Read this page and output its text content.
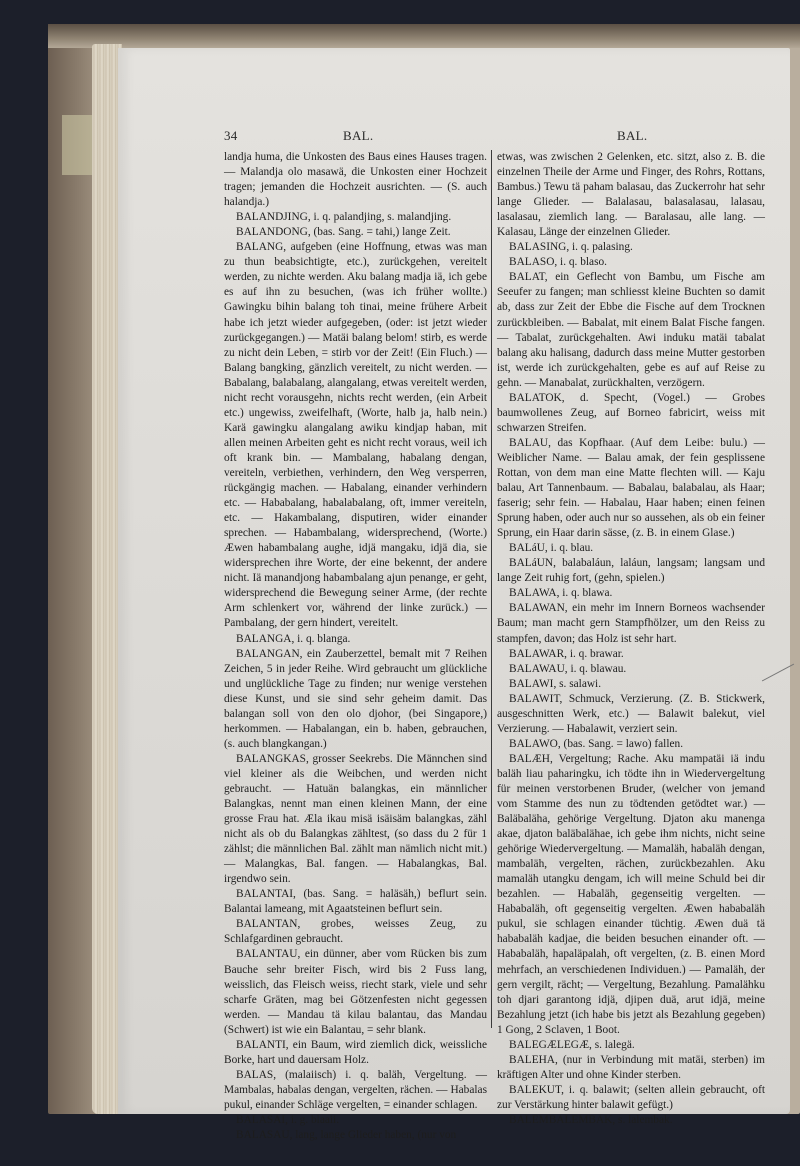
34	BAL.	BAL.

landja huma, die Unkosten des Baus eines Hauses tragen. — Malandja olo masawä, die Unkosten einer Hochzeit tragen; jemanden die Hochzeit ausrichten. — (S. auch halandja.)

BALANDJING, i. q. palandjing, s. malandjing.

BALANDONG, (bas. Sang. = tahi,) lange Zeit.

BALANG, aufgeben (eine Hoffnung, etwas was man zu thun beabsichtigte, etc.), zurückgehen, vereitelt werden, zu nichte werden. Aku balang madja iä, ich gebe es auf ihn zu besuchen, (was ich früher wollte.) Gawingku bihin balang toh tinai, meine frühere Arbeit habe ich jetzt wieder aufgegeben, (oder: ist jetzt wieder zurückgegangen.) — Matäi balang belom! stirb, es werde zu nicht dein Leben, = stirb vor der Zeit! (Ein Fluch.) — Balang bangking, gänzlich vereitelt, zu nicht werden. — Babalang, balabalang, alangalang, etwas vereitelt werden, nicht recht vorausgehn, nichts recht werden, (ein Arbeit etc.) ungewiss, zweifelhaft, (Worte, halb ja, halb nein.) Karä gawingku alangalang awiku kindjap haban, mit allen meinen Arbeiten geht es nicht recht voraus, weil ich oft krank bin. — Mambalang, habalang dengan, vereiteln, verbiethen, verhindern, den Weg versperren, rückgängig machen. — Habalang, einander verhindern etc. — Hababalang, habalabalang, oft, immer vereiteln, etc. — Hakambalang, disputiren, wider einander sprechen. — Habambalang, widersprechend, (Worte.) Æwen habambalang aughe, idjä mangaku, idjä dia, sie widersprechen ihre Worte, der eine bekennt, der andere nicht. Iä manandjong habambalang ajun penange, er geht, widersprechend die Bewegung seiner Arme, (der rechte Arm schlenkert vor, während der linke zurück.) — Pambalang, der gern hindert, vereitelt.

BALANGA, i. q. blanga.

BALANGAN, ein Zauberzettel, bemalt mit 7 Reihen Zeichen, 5 in jeder Reihe. Wird gebraucht um glückliche und unglückliche Tage zu finden; nur wenige verstehen diese Kunst, und sie sind sehr geheim damit. Das balangan soll von den olo djohor, (bei Singapore,) herkommen. — Habalangan, ein b. haben, gebrauchen, (s. auch blangkangan.)

BALANGKAS, grosser Seekrebs. Die Männchen sind viel kleiner als die Weibchen, und werden nicht gebraucht. — Hatuän balangkas, ein männlicher Balangkas, nennt man einen kleinen Mann, der eine grosse Frau hat. Æla ikau misä isäisäm balangkas, zähl nicht als ob du Balangkas zähltest, (so dass du 2 für 1 zählst; die männlichen Bal. zählt man nämlich nicht mit.) — Malangkas, Bal. fangen. — Habalangkas, Bal. irgendwo sein.

BALANTAI, (bas. Sang. = haläsäh,) beflurt sein. Balantai lameang, mit Agaatsteinen beflurt sein.

BALANTAN, grobes, weisses Zeug, zu Schlafgardinen gebraucht.

BALANTAU, ein dünner, aber vom Rücken bis zum Bauche sehr breiter Fisch, wird bis 2 Fuss lang, weisslich, das Fleisch weiss, riecht stark, viele und sehr scharfe Gräten, mag bei Götzenfesten nicht gegessen werden. — Mandau tä kilau balantau, das Mandau (Schwert) ist wie ein Balantau, = sehr blank.

BALANTI, ein Baum, wird ziemlich dick, weissliche Borke, hart und dauersam Holz.

BALAS, (malaiisch) i. q. baläh, Vergeltung. — Mambalas, habalas dengan, vergelten, rächen. — Habalas pukul, einander Schläge vergelten, = einander schlagen.

BALASAI, i. g. blaaii.

BALASAU, lang, lange Glieder haben, (nur von

etwas, was zwischen 2 Gelenken, etc. sitzt, also z. B. die einzelnen Theile der Arme und Finger, des Rohrs, Rottans, Bambus.) Tewu tä paham balasau, das Zuckerrohr hat sehr lange Glieder. — Balalasau, balasalasau, lalasau, lasalasau, ziemlich lang. — Baralasau, alle lang. — Kalasau, Länge der einzelnen Glieder.

BALASING, i. q. palasing.

BALASO, i. q. blaso.

BALAT, ein Geflecht von Bambu, um Fische am Seeufer zu fangen; man schliesst kleine Buchten so damit ab, dass zur Zeit der Ebbe die Fische auf dem Trocknen zurückbleiben. — Babalat, mit einem Balat Fische fangen. — Tabalat, zurückgehalten. Awi induku matäi tabalat balang aku halisang, dadurch dass meine Mutter gestorben ist, werde ich zurückgehalten, gebe es auf auf Reise zu gehn. — Manabalat, zurückhalten, verzögern.

BALATOK, d. Specht, (Vogel.) — Grobes baumwollenes Zeug, auf Borneo fabricirt, weiss mit schwarzen Streifen.

BALAU, das Kopfhaar. (Auf dem Leibe: bulu.) — Weiblicher Name. — Balau amak, der fein gesplissene Rottan, von dem man eine Matte flechten will. — Kaju balau, Art Tannenbaum. — Babalau, balabalau, als Haar; faserig; sehr fein. — Habalau, Haar haben; einen feinen Sprung haben, oder auch nur so aussehen, als ob ein feiner Sprung, ein Haar darin sässe, (z. B. in einem Glase.)

BALáU, i. q. blau.

BALáUN, balabaláun, laláun, langsam; langsam und lange Zeit ruhig fort, (gehn, spielen.)

BALAWA, i. q. blawa.

BALAWAN, ein mehr im Innern Borneos wachsender Baum; man macht gern Stampfhölzer, um den Reiss zu stampfen, davon; das Holz ist sehr hart.

BALAWAR, i. q. brawar.

BALAWAU, i. q. blawau.

BALAWI, s. salawi.

BALAWIT, Schmuck, Verzierung. (Z. B. Stickwerk, ausgeschnitten Werk, etc.) — Balawit balekut, viel Verzierung. — Habalawit, verziert sein.

BALAWO, (bas. Sang. = lawo) fallen.

BALÆH, Vergeltung; Rache. Aku mampatäi iä indu baläh liau paharingku, ich tödte ihn in Wiedervergeltung für meinen verstorbenen Bruder, (welcher von jemand vom Stamme des nun zu tödtenden getödtet war.) — Baläbaläha, gehörige Vergeltung. Djaton aku manenga akae, djaton baläbalähae, ich gebe ihm nichts, nicht seine gehörige Wiedervergeltung. — Mamaläh, habaläh dengan, mambaläh, vergelten, rächen, zurückbezahlen. Aku mamaläh utangku dengam, ich will meine Schuld bei dir bezahlen. — Habaläh, gegenseitig vergelten. — Hababaläh, oft gegenseitig vergelten. Æwen hababaläh pukul, sie schlagen einander tüchtig. Æwen duä tä hababaläh kadjae, die beiden besuchen einander oft. — Hababaläh, hapaläpalah, oft vergelten, (z. B. einen Mord mehrfach, an verschiedenen Individuen.) — Pamaläh, der gern vergilt, rächt; — Vergeltung, Bezahlung. Pamalähku toh djari garantong idjä, djipen duä, arut idjä, meine Bezahlung jetzt (ich habe bis jetzt als Bezahlung gegeben) 1 Gong, 2 Sclaven, 1 Boot.

BALEGÆLEGÆ, s. lalegä.

BALEHA, (nur in Verbindung mit matäi, sterben) im kräftigen Alter und ohne Kinder sterben.

BALEKUT, i. q. balawit; (selten allein gebraucht, oft zur Verstärkung hinter balawit gefügt.)

BALEMBALEMBAK, s. lalembak.
